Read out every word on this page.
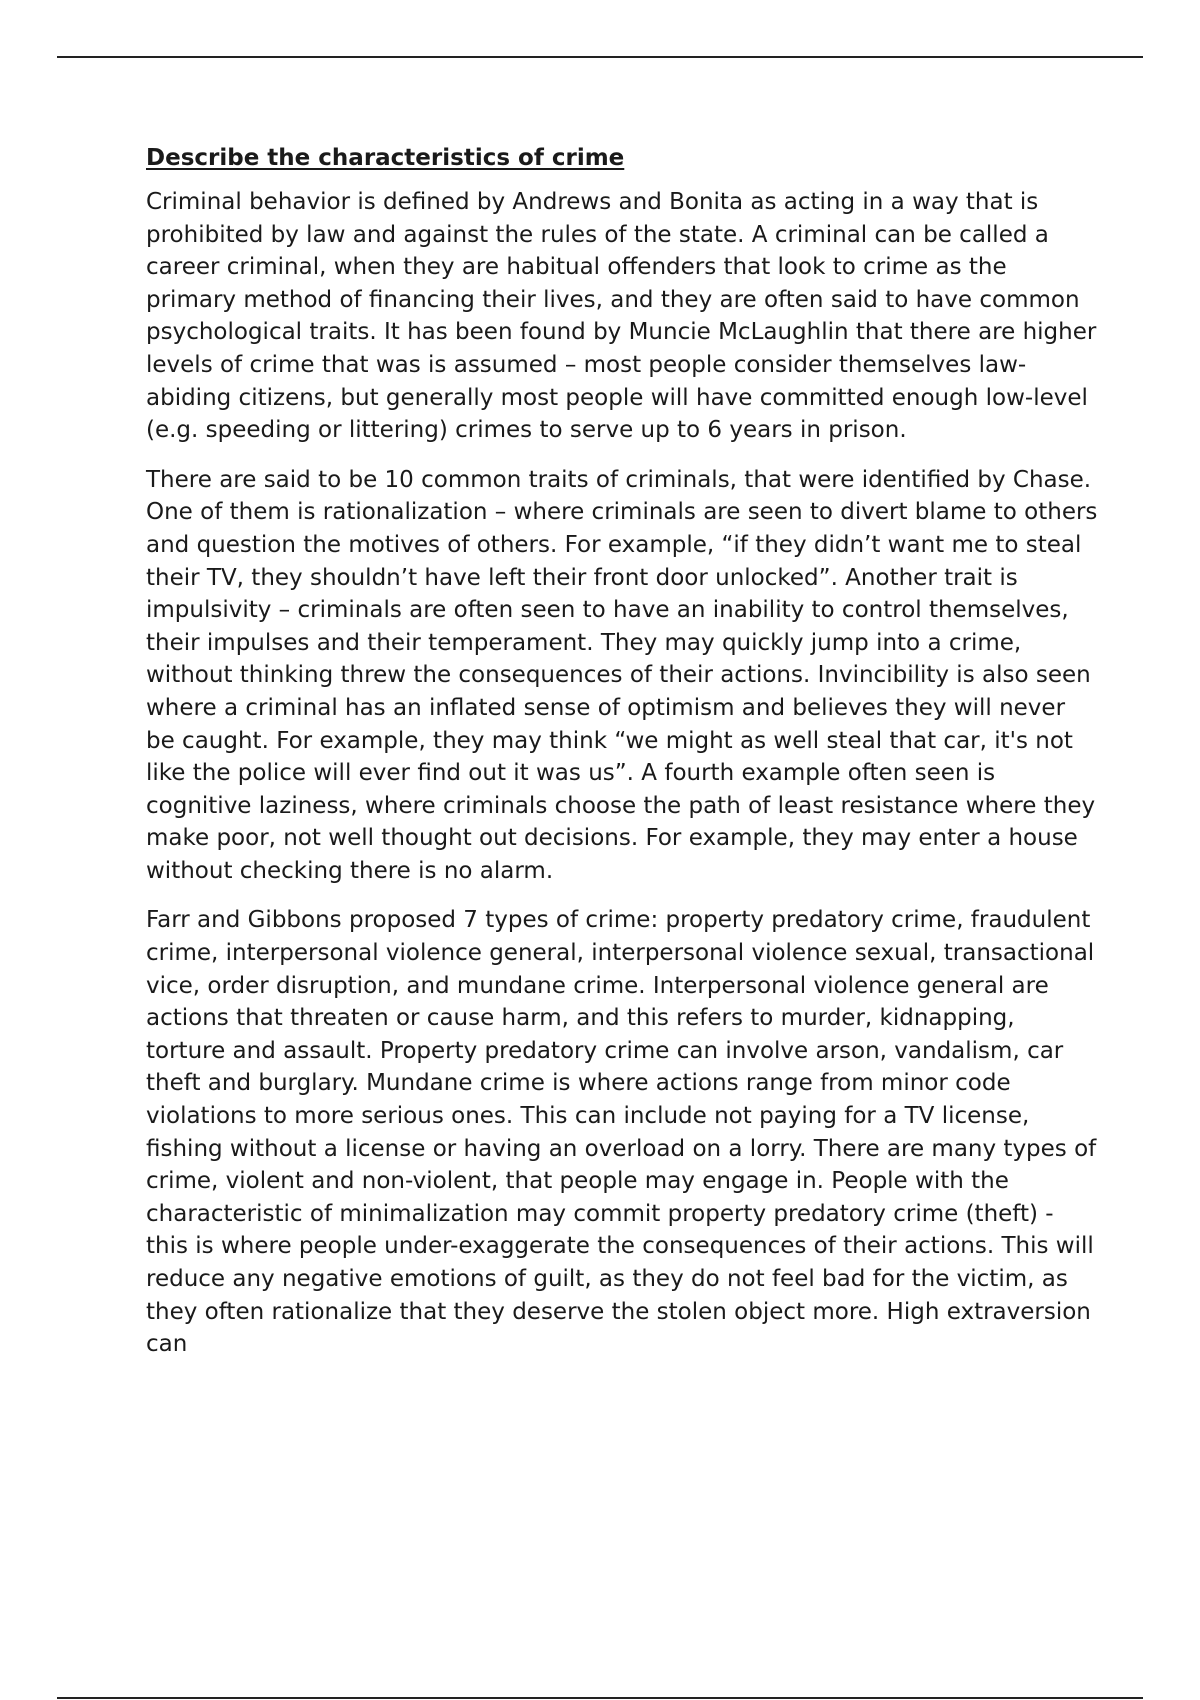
Describe the characteristics of crime

Criminal behavior is defined by Andrews and Bonita as acting in a way that is prohibited by law and against the rules of the state. A criminal can be called a career criminal, when they are habitual offenders that look to crime as the primary method of financing their lives, and they are often said to have common psychological traits. It has been found by Muncie McLaughlin that there are higher levels of crime that was is assumed – most people consider themselves law-abiding citizens, but generally most people will have committed enough low-level (e.g. speeding or littering) crimes to serve up to 6 years in prison.

There are said to be 10 common traits of criminals, that were identified by Chase. One of them is rationalization – where criminals are seen to divert blame to others and question the motives of others. For example, “if they didn’t want me to steal their TV, they shouldn’t have left their front door unlocked”. Another trait is impulsivity – criminals are often seen to have an inability to control themselves, their impulses and their temperament. They may quickly jump into a crime, without thinking threw the consequences of their actions. Invincibility is also seen where a criminal has an inflated sense of optimism and believes they will never be caught. For example, they may think “we might as well steal that car, it's not like the police will ever find out it was us”. A fourth example often seen is cognitive laziness, where criminals choose the path of least resistance where they make poor, not well thought out decisions. For example, they may enter a house without checking there is no alarm.

Farr and Gibbons proposed 7 types of crime: property predatory crime, fraudulent crime, interpersonal violence general, interpersonal violence sexual, transactional vice, order disruption, and mundane crime. Interpersonal violence general are actions that threaten or cause harm, and this refers to murder, kidnapping, torture and assault. Property predatory crime can involve arson, vandalism, car theft and burglary. Mundane crime is where actions range from minor code violations to more serious ones. This can include not paying for a TV license, fishing without a license or having an overload on a lorry. There are many types of crime, violent and non-violent, that people may engage in. People with the characteristic of minimalization may commit property predatory crime (theft) - this is where people under-exaggerate the consequences of their actions. This will reduce any negative emotions of guilt, as they do not feel bad for the victim, as they often rationalize that they deserve the stolen object more. High extraversion can
